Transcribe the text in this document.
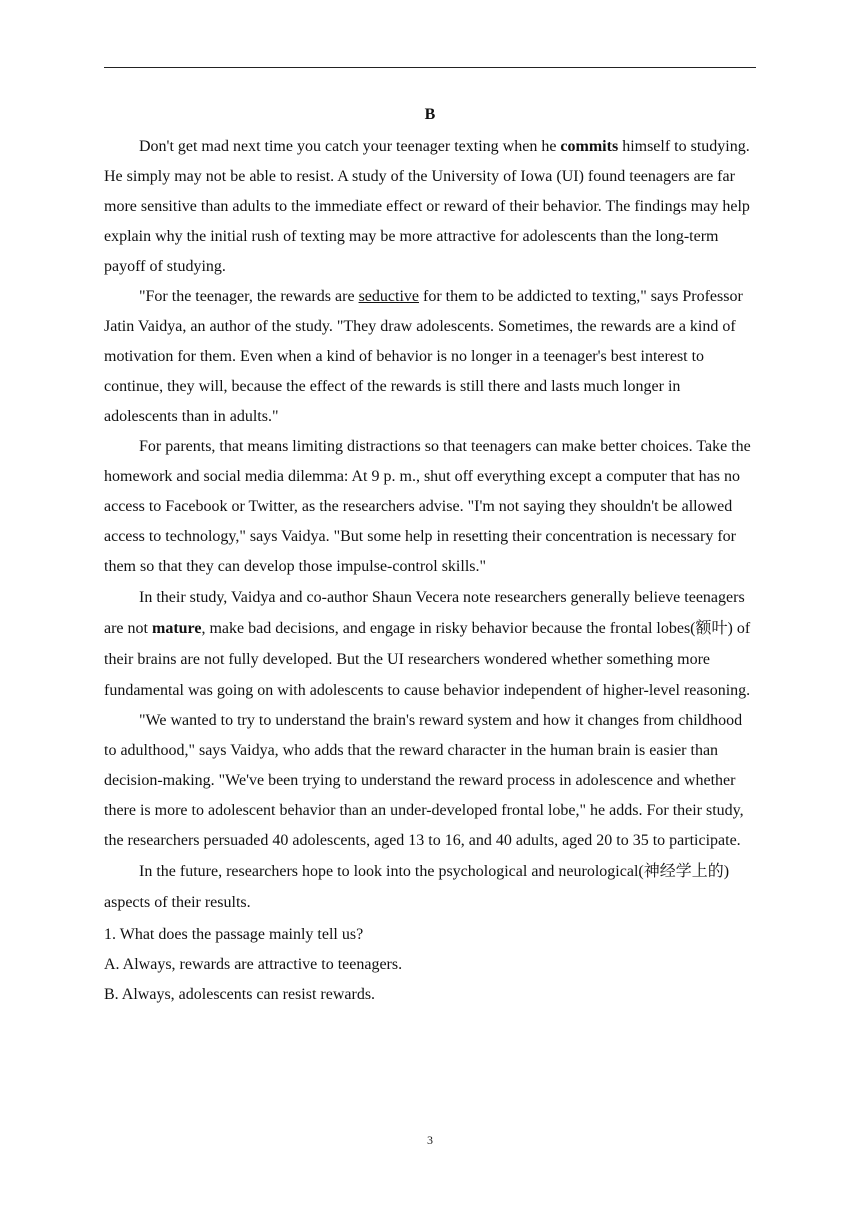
B

Don't get mad next time you catch your teenager texting when he commits himself to studying. He simply may not be able to resist. A study of the University of Iowa (UI) found teenagers are far more sensitive than adults to the immediate effect or reward of their behavior. The findings may help explain why the initial rush of texting may be more attractive for adolescents than the long-term payoff of studying.

"For the teenager, the rewards are seductive for them to be addicted to texting," says Professor Jatin Vaidya, an author of the study. "They draw adolescents. Sometimes, the rewards are a kind of motivation for them. Even when a kind of behavior is no longer in a teenager's best interest to continue, they will, because the effect of the rewards is still there and lasts much longer in adolescents than in adults."

For parents, that means limiting distractions so that teenagers can make better choices. Take the homework and social media dilemma: At 9 p. m., shut off everything except a computer that has no access to Facebook or Twitter, as the researchers advise. "I'm not saying they shouldn't be allowed access to technology," says Vaidya. "But some help in resetting their concentration is necessary for them so that they can develop those impulse-control skills."

In their study, Vaidya and co-author Shaun Vecera note researchers generally believe teenagers are not mature, make bad decisions, and engage in risky behavior because the frontal lobes(额叶) of their brains are not fully developed. But the UI researchers wondered whether something more fundamental was going on with adolescents to cause behavior independent of higher-level reasoning.

"We wanted to try to understand the brain's reward system and how it changes from childhood to adulthood," says Vaidya, who adds that the reward character in the human brain is easier than decision-making. "We've been trying to understand the reward process in adolescence and whether there is more to adolescent behavior than an under-developed frontal lobe," he adds. For their study, the researchers persuaded 40 adolescents, aged 13 to 16, and 40 adults, aged 20 to 35 to participate.

In the future, researchers hope to look into the psychological and neurological(神经学上的) aspects of their results.

1. What does the passage mainly tell us?

A. Always, rewards are attractive to teenagers.

B. Always, adolescents can resist rewards.

3
